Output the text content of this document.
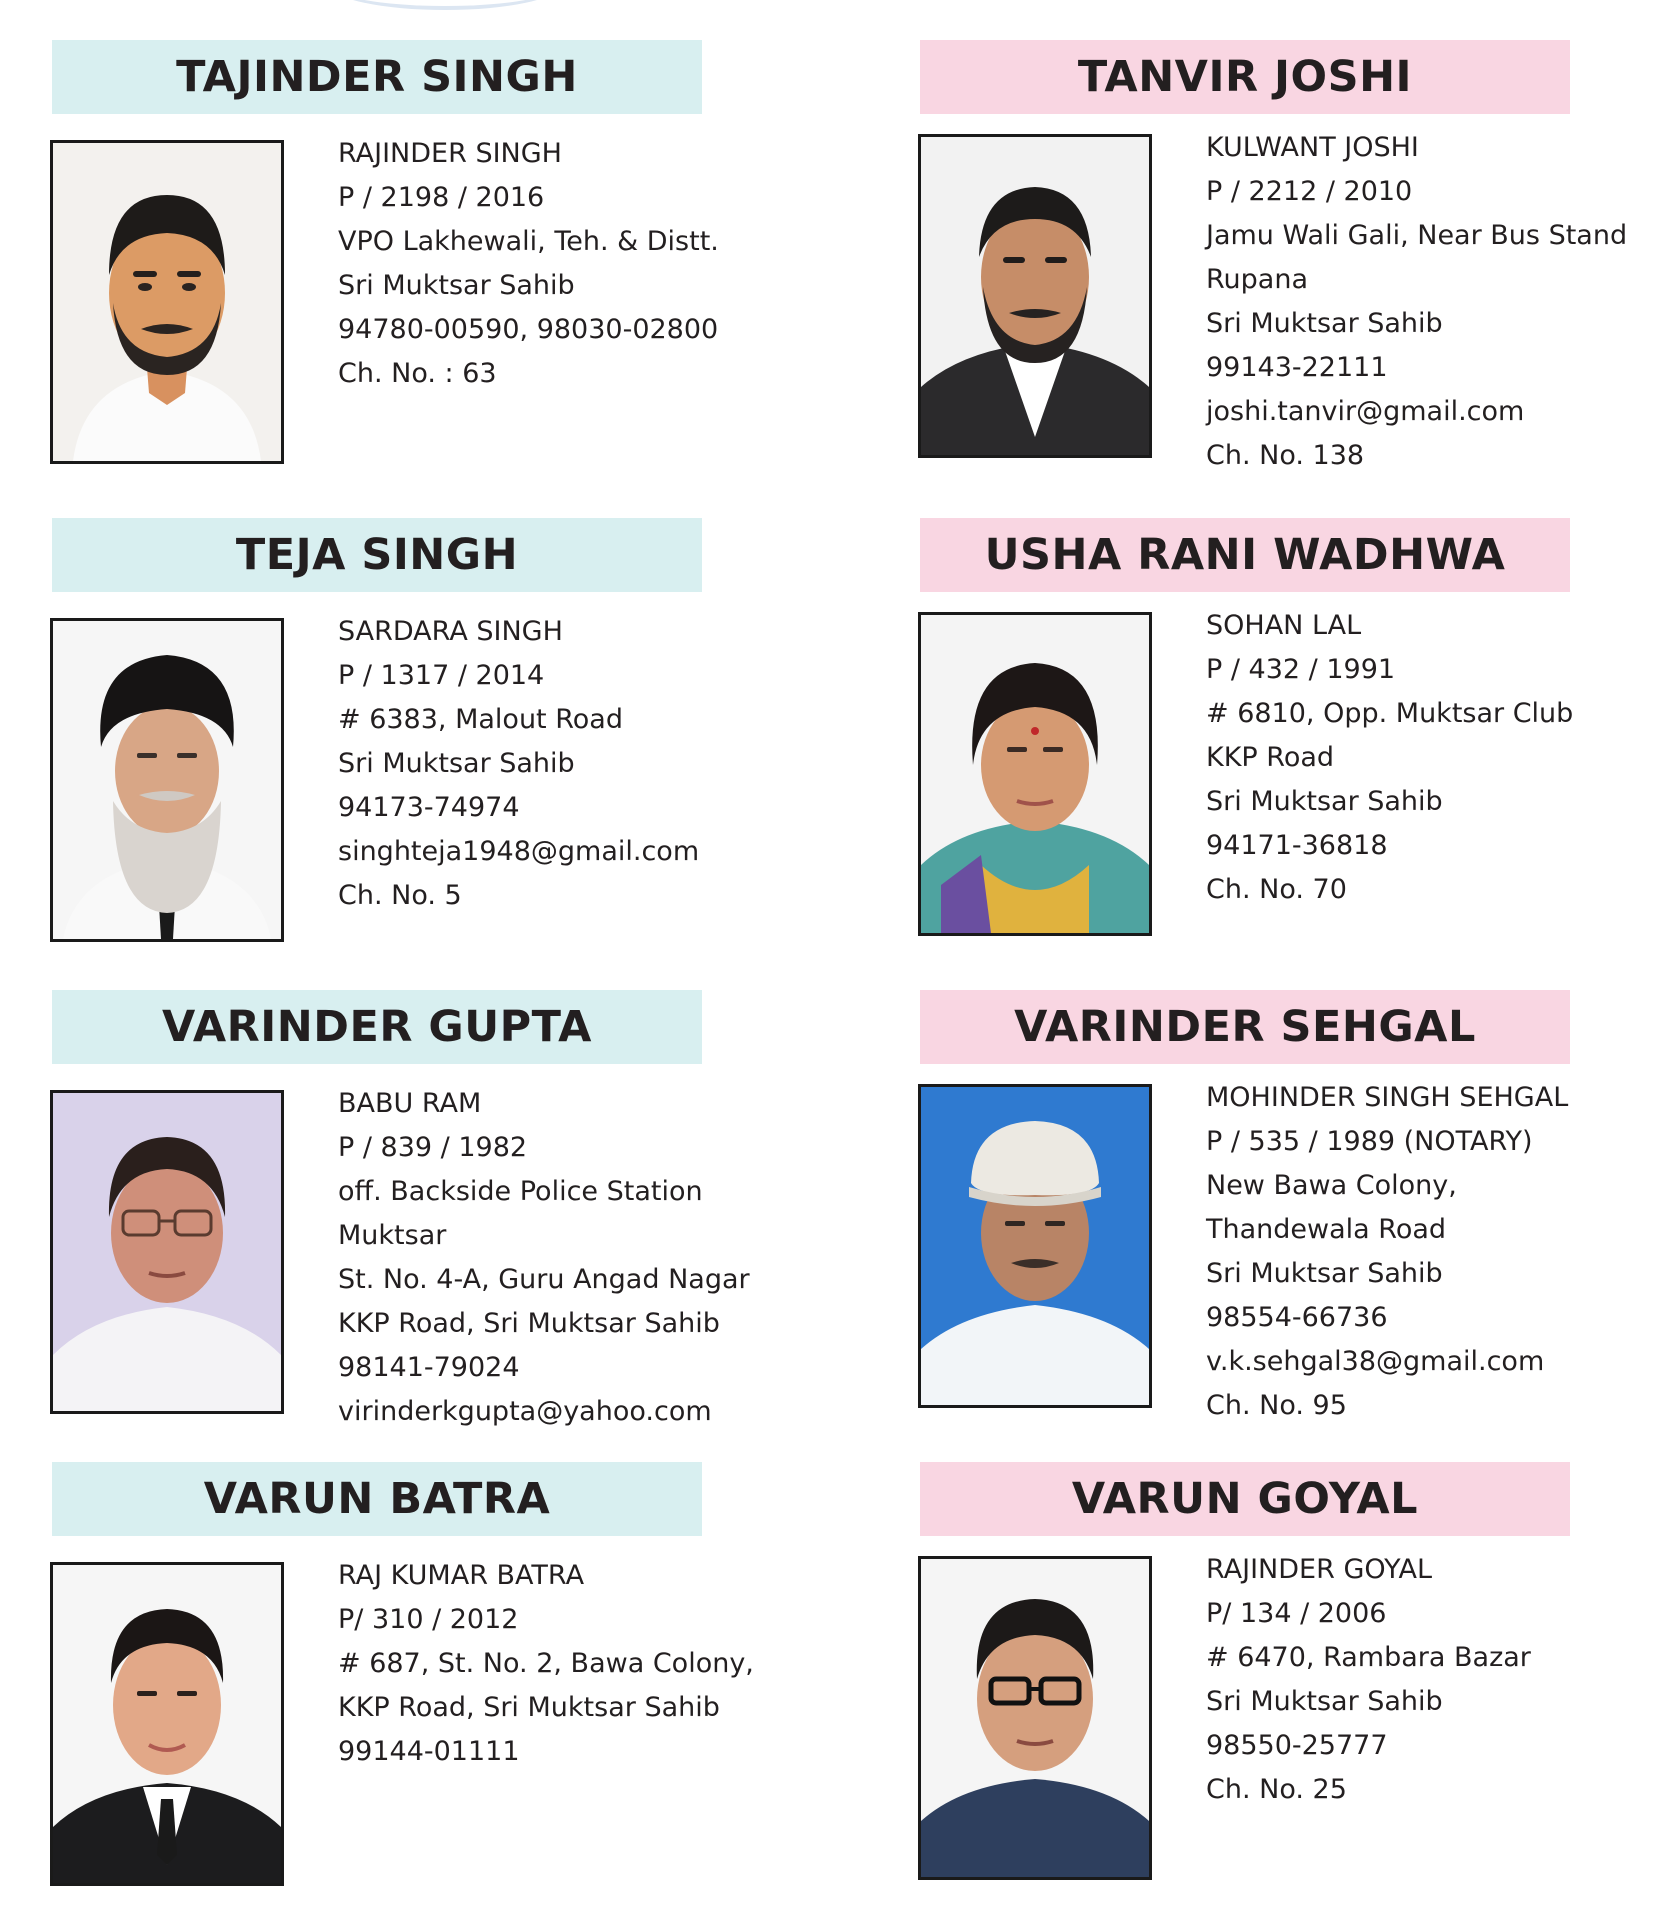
TAJINDER SINGH
RAJINDER SINGH
P / 2198 / 2016
VPO Lakhewali, Teh. & Distt.
Sri Muktsar Sahib
94780-00590, 98030-02800
Ch. No. : 63
TANVIR JOSHI
KULWANT JOSHI
P / 2212 / 2010
Jamu Wali Gali, Near Bus Stand
Rupana
Sri Muktsar Sahib
99143-22111
joshi.tanvir@gmail.com
Ch. No. 138
TEJA SINGH
SARDARA SINGH
P / 1317 / 2014
# 6383, Malout Road
Sri Muktsar Sahib
94173-74974
singhteja1948@gmail.com
Ch. No. 5
USHA RANI WADHWA
SOHAN LAL
P / 432 / 1991
# 6810, Opp. Muktsar Club
KKP Road
Sri Muktsar Sahib
94171-36818
Ch. No. 70
VARINDER GUPTA
BABU RAM
P / 839 / 1982
off. Backside Police Station
Muktsar
St. No. 4-A, Guru Angad Nagar
KKP Road, Sri Muktsar Sahib
98141-79024
virinderkgupta@yahoo.com
VARINDER SEHGAL
MOHINDER SINGH SEHGAL
P / 535 / 1989 (NOTARY)
New Bawa Colony,
Thandewala Road
Sri Muktsar Sahib
98554-66736
v.k.sehgal38@gmail.com
Ch. No. 95
VARUN BATRA
RAJ KUMAR BATRA
P/ 310 / 2012
# 687, St. No. 2, Bawa Colony,
KKP Road, Sri Muktsar Sahib
99144-01111
VARUN GOYAL
RAJINDER GOYAL
P/ 134 / 2006
# 6470, Rambara Bazar
Sri Muktsar Sahib
98550-25777
Ch. No. 25
